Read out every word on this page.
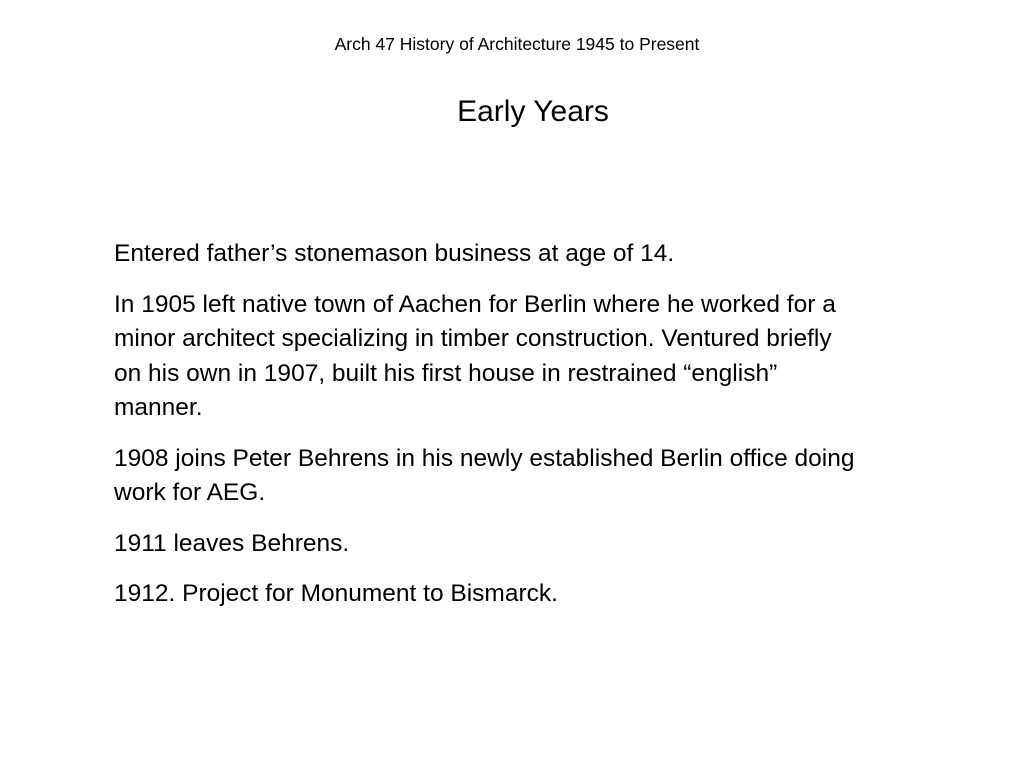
Arch 47 History of Architecture 1945 to Present
Early Years

Entered father’s stonemason business at age of 14.

In 1905 left native town of Aachen for Berlin where he worked for a
minor architect specializing in timber construction. Ventured briefly
on his own in 1907, built his first house in restrained “english”
manner.

1908 joins Peter Behrens in his newly established Berlin office doing
work for AEG.

1911 leaves Behrens.

1912. Project for Monument to Bismarck.
